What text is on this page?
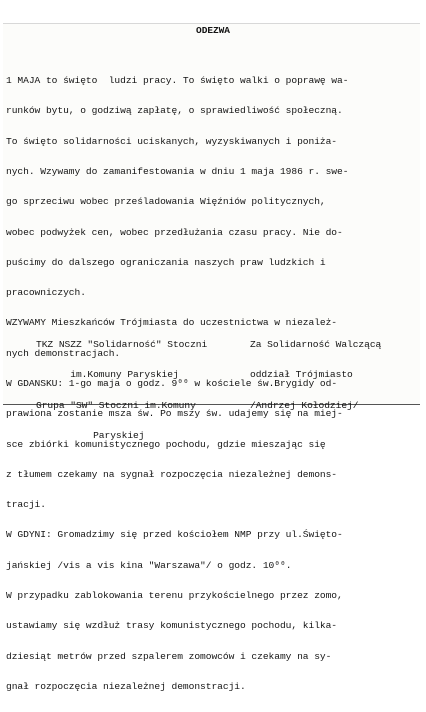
ODEZWA

1 MAJA to święto  ludzi pracy. To święto walki o poprawę wa-

runków bytu, o godziwą zapłatę, o sprawiedliwość społeczną.

To święto solidarności uciskanych, wyzyskiwanych i poniża-

nych. Wzywamy do zamanifestowania w dniu 1 maja 1986 r. swe-

go sprzeciwu wobec prześladowania Więźniów politycznych,

wobec podwyżek cen, wobec przedłużania czasu pracy. Nie do-

puścimy do dalszego ograniczania naszych praw ludzkich i

pracowniczych.

WZYWAMY Mieszkańców Trójmiasta do uczestnictwa w niezależ-

nych demonstracjach.

W GDANSKU: 1-go maja o godz. 9⁰⁰ w kościele św.Brygidy od-

prawiona zostanie msza św. Po mszy św. udajemy się na miej-

sce zbiórki komunistycznego pochodu, gdzie mieszając się

z tłumem czekamy na sygnał rozpoczęcia niezależnej demons-

tracji.

W GDYNI: Gromadzimy się przed kościołem NMP przy ul.Święto-

jańskiej /vis a vis kina "Warszawa"/ o godz. 10⁰⁰.

W przypadku zablokowania terenu przykościelnego przez zomo,

ustawiamy się wzdłuż trasy komunistycznego pochodu, kilka-

dziesiąt metrów przed szpalerem zomowców i czekamy na sy-

gnał rozpoczęcia niezależnej demonstracji.

TKZ NSZZ "Solidarność" Stoczni

im.Komuny Paryskiej

Grupa "SW" Stoczni im.Komuny

Paryskiej

Za Solidarność Walczącą

oddział Trójmiasto

/Andrzej Kołodziej/
